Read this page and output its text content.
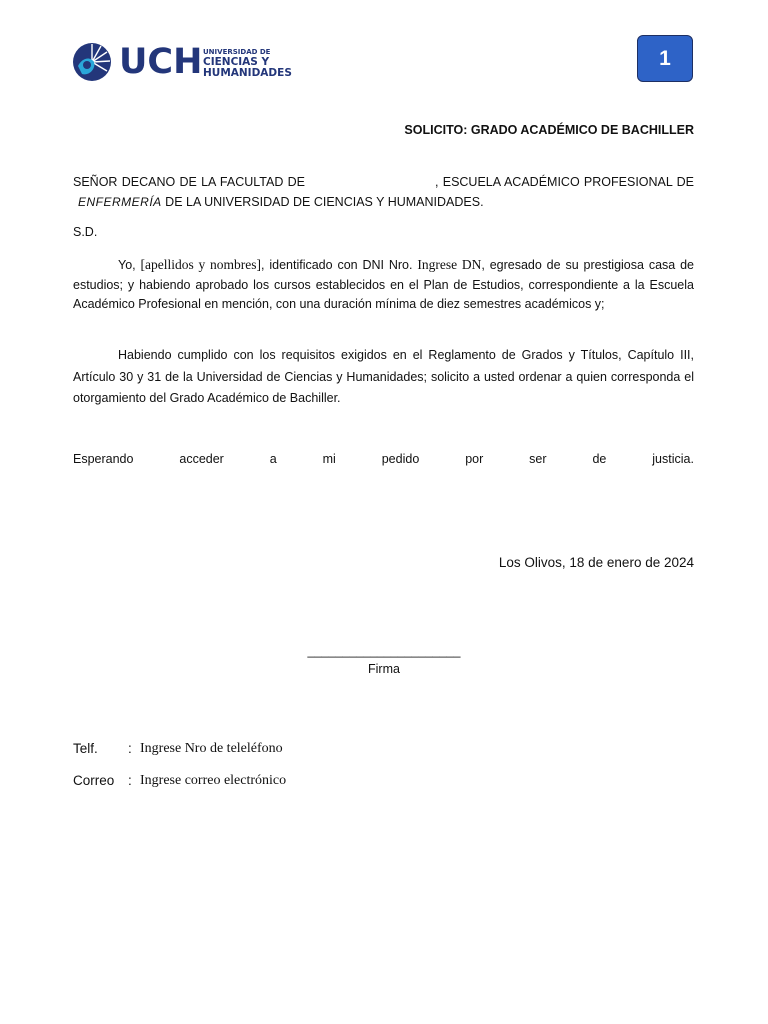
UCH UNIVERSIDAD DE
CIENCIAS Y
HUMANIDADES
1
SOLICITO: GRADO ACADÉMICO DE BACHILLER
SEÑOR DECANO DE LA FACULTAD DE	, ESCUELA ACADÉMICO PROFESIONAL DE
ENFERMERÍA DE LA UNIVERSIDAD DE CIENCIAS Y HUMANIDADES.
S.D.
Yo, [apellidos y nombres], identificado con DNI Nro. Ingrese DN, egresado de su prestigiosa casa de estudios; y habiendo aprobado los cursos establecidos en el Plan de Estudios, correspondiente a la Escuela Académico Profesional en mención, con una duración mínima de diez semestres académicos y;
Habiendo cumplido con los requisitos exigidos en el Reglamento de Grados y Títulos, Capítulo III, Artículo 30 y 31 de la Universidad de Ciencias y Humanidades; solicito a usted ordenar a quien corresponda el otorgamiento del Grado Académico de Bachiller.
Esperando	acceder	a	mi	pedido	por	ser	de	justicia.
Los Olivos, 18 de enero de 2024
______________________
Firma
Telf.	: Ingrese Nro de teleléfono
Correo	: Ingrese correo electrónico
